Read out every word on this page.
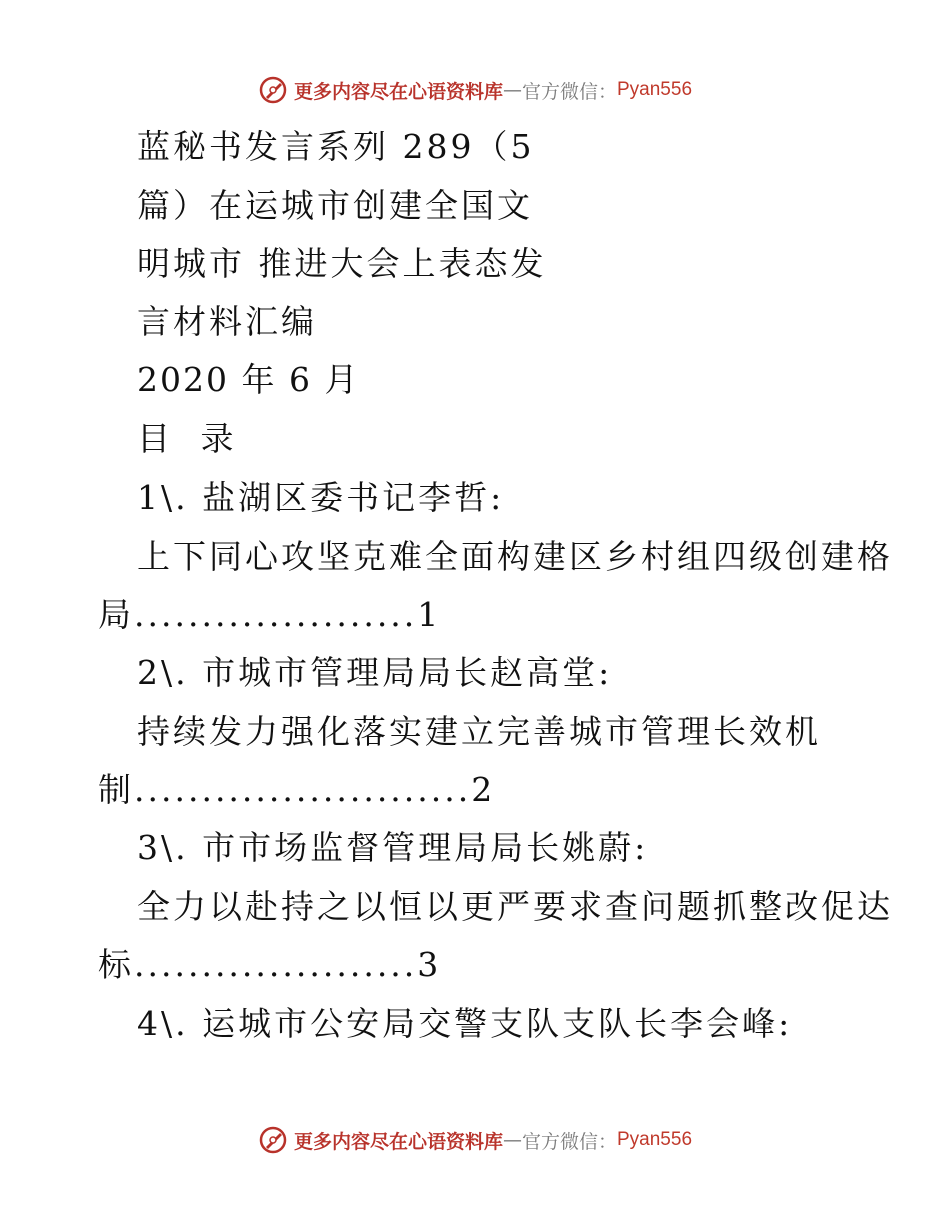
更多内容尽在心语资料库 — 官方微信： Pyan556
蓝秘书发言系列 289（5
篇）在运城市创建全国文
明城市 推进大会上表态发
言材料汇编
2020 年 6 月
目 录
1\. 盐湖区委书记李哲:
上下同心攻坚克难全面构建区乡村组四级创建格
局.....................1
2\. 市城市管理局局长赵高堂:
持续发力强化落实建立完善城市管理长效机
制.........................2
3\. 市市场监督管理局局长姚蔚:
全力以赴持之以恒以更严要求查问题抓整改促达
标.....................3
4\. 运城市公安局交警支队支队长李会峰:
更多内容尽在心语资料库 — 官方微信： Pyan556
